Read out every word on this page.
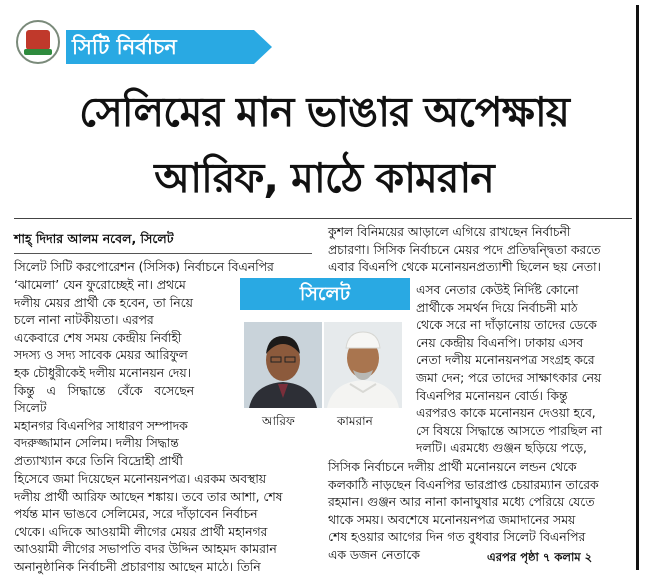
সিটি নির্বাচন
সেলিমের মান ভাঙার অপেক্ষায়
আরিফ, মাঠে কামরান
শাহ্ দিদার আলম নবেল, সিলেট
সিলেট সিটি করপোরেশন (সিসিক) নির্বাচনে বিএনপির
‘ঝামেলা’ যেন ফুরোচ্ছেই না। প্রথমে
দলীয় মেয়র প্রার্থী কে হবেন, তা নিয়ে
চলে নানা নাটকীয়তা। এরপর
একেবারে শেষ সময় কেন্দ্রীয় নির্বাহী
সদস্য ও সদ্য সাবেক মেয়র আরিফুল
হক চৌধুরীকেই দলীয় মনোনয়ন দেয়।
কিন্তু এ সিদ্ধান্তে বেঁকে বসেছেন সিলেট
মহানগর বিএনপির সাধারণ সম্পাদক
বদরুজ্জামান সেলিম। দলীয় সিদ্ধান্ত
প্রত্যাখ্যান করে তিনি বিদ্রোহী প্রার্থী
হিসেবে জমা দিয়েছেন মনোনয়নপত্র। এরকম অবস্থায়
দলীয় প্রার্থী আরিফ আছেন শঙ্কায়। তবে তার আশা, শেষ
পর্যন্ত মান ভাঙবে সেলিমের, সরে দাঁড়াবেন নির্বাচন
থেকে। এদিকে আওয়ামী লীগের মেয়র প্রার্থী মহানগর
আওয়ামী লীগের সভাপতি বদর উদ্দিন আহমদ কামরান
অনানুষ্ঠানিক নির্বাচনী প্রচারণায় আছেন মাঠে। তিনি
সিলেট
আরিফ	কামরান
কুশল বিনিময়ের আড়ালে এগিয়ে রাখছেন নির্বাচনী
প্রচারণা। সিসিক নির্বাচনে মেয়র পদে প্রতিদ্বন্দ্বিতা করতে
এবার বিএনপি থেকে মনোনয়নপ্রত্যাশী ছিলেন ছয় নেতা।
এসব নেতার কেউই নির্দিষ্ট কোনো
প্রার্থীকে সমর্থন দিয়ে নির্বাচনী মাঠ
থেকে সরে না দাঁড়ানোয় তাদের ডেকে
নেয় কেন্দ্রীয় বিএনপি। ঢাকায় এসব
নেতা দলীয় মনোনয়নপত্র সংগ্রহ করে
জমা দেন; পরে তাদের সাক্ষাৎকার নেয়
বিএনপির মনোনয়ন বোর্ড। কিন্তু
এরপরও কাকে মনোনয়ন দেওয়া হবে,
সে বিষয়ে সিদ্ধান্তে আসতে পারছিল না
দলটি। এরমধ্যে গুঞ্জন ছড়িয়ে পড়ে,
সিসিক নির্বাচনে দলীয় প্রার্থী মনোনয়নে লন্ডন থেকে
কলকাঠি নাড়ছেন বিএনপির ভারপ্রাপ্ত চেয়ারম্যান তারেক
রহমান। গুঞ্জন আর নানা কানাঘুষার মধ্যে পেরিয়ে যেতে
থাকে সময়। অবশেষে মনোনয়নপত্র জমাদানের সময়
শেষ হওয়ার আগের দিন গত বুধবার সিলেট বিএনপির
এক ডজন নেতাকে	এরপর পৃষ্ঠা ৭ কলাম ২
